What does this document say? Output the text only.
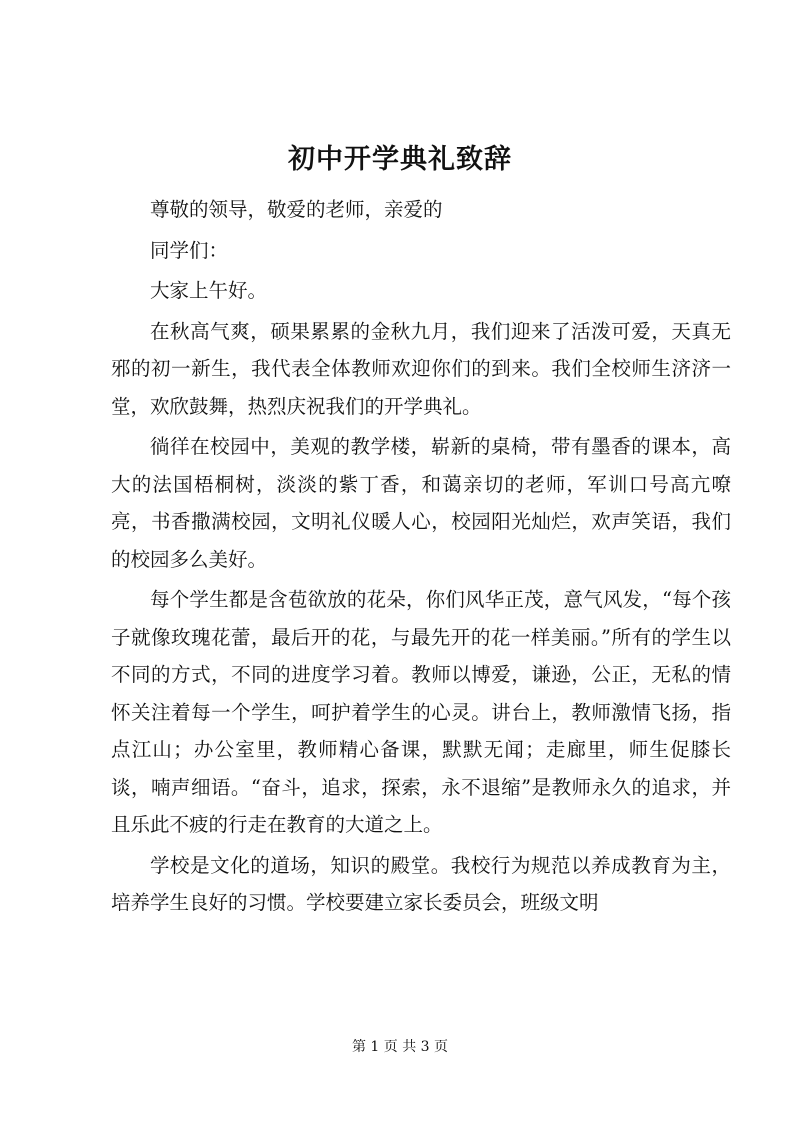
初中开学典礼致辞

尊敬的领导，敬爱的老师，亲爱的

同学们：

大家上午好。

在秋高气爽，硕果累累的金秋九月，我们迎来了活泼可爱，天真无邪的初一新生，我代表全体教师欢迎你们的到来。我们全校师生济济一堂，欢欣鼓舞，热烈庆祝我们的开学典礼。

徜徉在校园中，美观的教学楼，崭新的桌椅，带有墨香的课本，高大的法国梧桐树，淡淡的紫丁香，和蔼亲切的老师，军训口号高亢嘹亮，书香撒满校园，文明礼仪暖人心，校园阳光灿烂，欢声笑语，我们的校园多么美好。

每个学生都是含苞欲放的花朵，你们风华正茂，意气风发，“每个孩子就像玫瑰花蕾，最后开的花，与最先开的花一样美丽。”所有的学生以不同的方式，不同的进度学习着。教师以博爱，谦逊，公正，无私的情怀关注着每一个学生，呵护着学生的心灵。讲台上，教师激情飞扬，指点江山；办公室里，教师精心备课，默默无闻；走廊里，师生促膝长谈，喃声细语。“奋斗，追求，探索，永不退缩”是教师永久的追求，并且乐此不疲的行走在教育的大道之上。

学校是文化的道场，知识的殿堂。我校行为规范以养成教育为主，培养学生良好的习惯。学校要建立家长委员会，班级文明

第 1 页 共 3 页
